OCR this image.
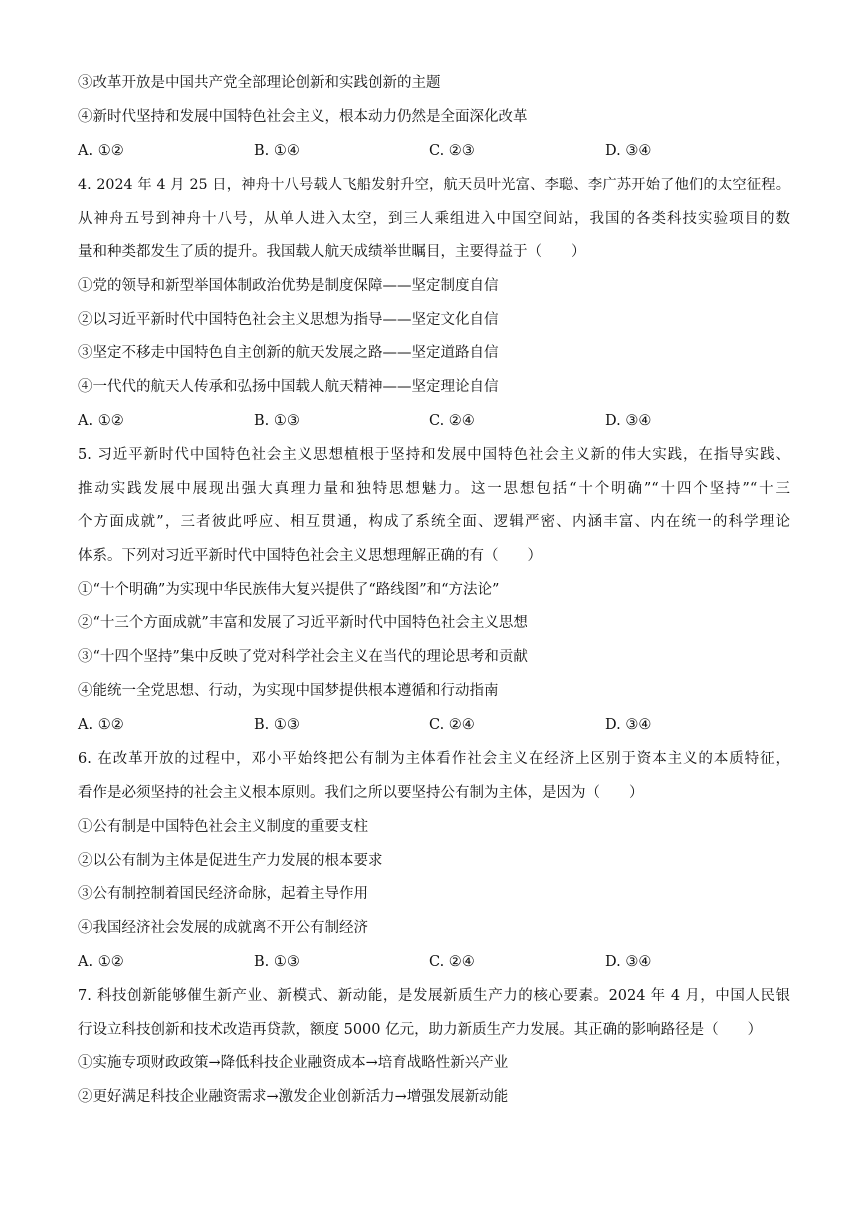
③改革开放是中国共产党全部理论创新和实践创新的主题
④新时代坚持和发展中国特色社会主义，根本动力仍然是全面深化改革
A. ①②	B. ①④	C. ②③	D. ③④
4. 2024 年 4 月 25 日，神舟十八号载人飞船发射升空，航天员叶光富、李聪、李广苏开始了他们的太空征程。
从神舟五号到神舟十八号，从单人进入太空，到三人乘组进入中国空间站，我国的各类科技实验项目的数
量和种类都发生了质的提升。我国载人航天成绩举世瞩目，主要得益于（　　）
①党的领导和新型举国体制政治优势是制度保障——坚定制度自信
②以习近平新时代中国特色社会主义思想为指导——坚定文化自信
③坚定不移走中国特色自主创新的航天发展之路——坚定道路自信
④一代代的航天人传承和弘扬中国载人航天精神——坚定理论自信
A. ①②	B. ①③	C. ②④	D. ③④
5. 习近平新时代中国特色社会主义思想植根于坚持和发展中国特色社会主义新的伟大实践，在指导实践、
推动实践发展中展现出强大真理力量和独特思想魅力。这一思想包括“十个明确”“十四个坚持”“十三
个方面成就”，三者彼此呼应、相互贯通，构成了系统全面、逻辑严密、内涵丰富、内在统一的科学理论
体系。下列对习近平新时代中国特色社会主义思想理解正确的有（　　）
①“十个明确”为实现中华民族伟大复兴提供了“路线图”和“方法论”
②“十三个方面成就”丰富和发展了习近平新时代中国特色社会主义思想
③“十四个坚持”集中反映了党对科学社会主义在当代的理论思考和贡献
④能统一全党思想、行动，为实现中国梦提供根本遵循和行动指南
A. ①②	B. ①③	C. ②④	D. ③④
6. 在改革开放的过程中，邓小平始终把公有制为主体看作社会主义在经济上区别于资本主义的本质特征，
看作是必须坚持的社会主义根本原则。我们之所以要坚持公有制为主体，是因为（　　）
①公有制是中国特色社会主义制度的重要支柱
②以公有制为主体是促进生产力发展的根本要求
③公有制控制着国民经济命脉，起着主导作用
④我国经济社会发展的成就离不开公有制经济
A. ①②	B. ①③	C. ②④	D. ③④
7. 科技创新能够催生新产业、新模式、新动能，是发展新质生产力的核心要素。2024 年 4 月，中国人民银
行设立科技创新和技术改造再贷款，额度 5000 亿元，助力新质生产力发展。其正确的影响路径是（　　）
①实施专项财政政策→降低科技企业融资成本→培育战略性新兴产业
②更好满足科技企业融资需求→激发企业创新活力→增强发展新动能
